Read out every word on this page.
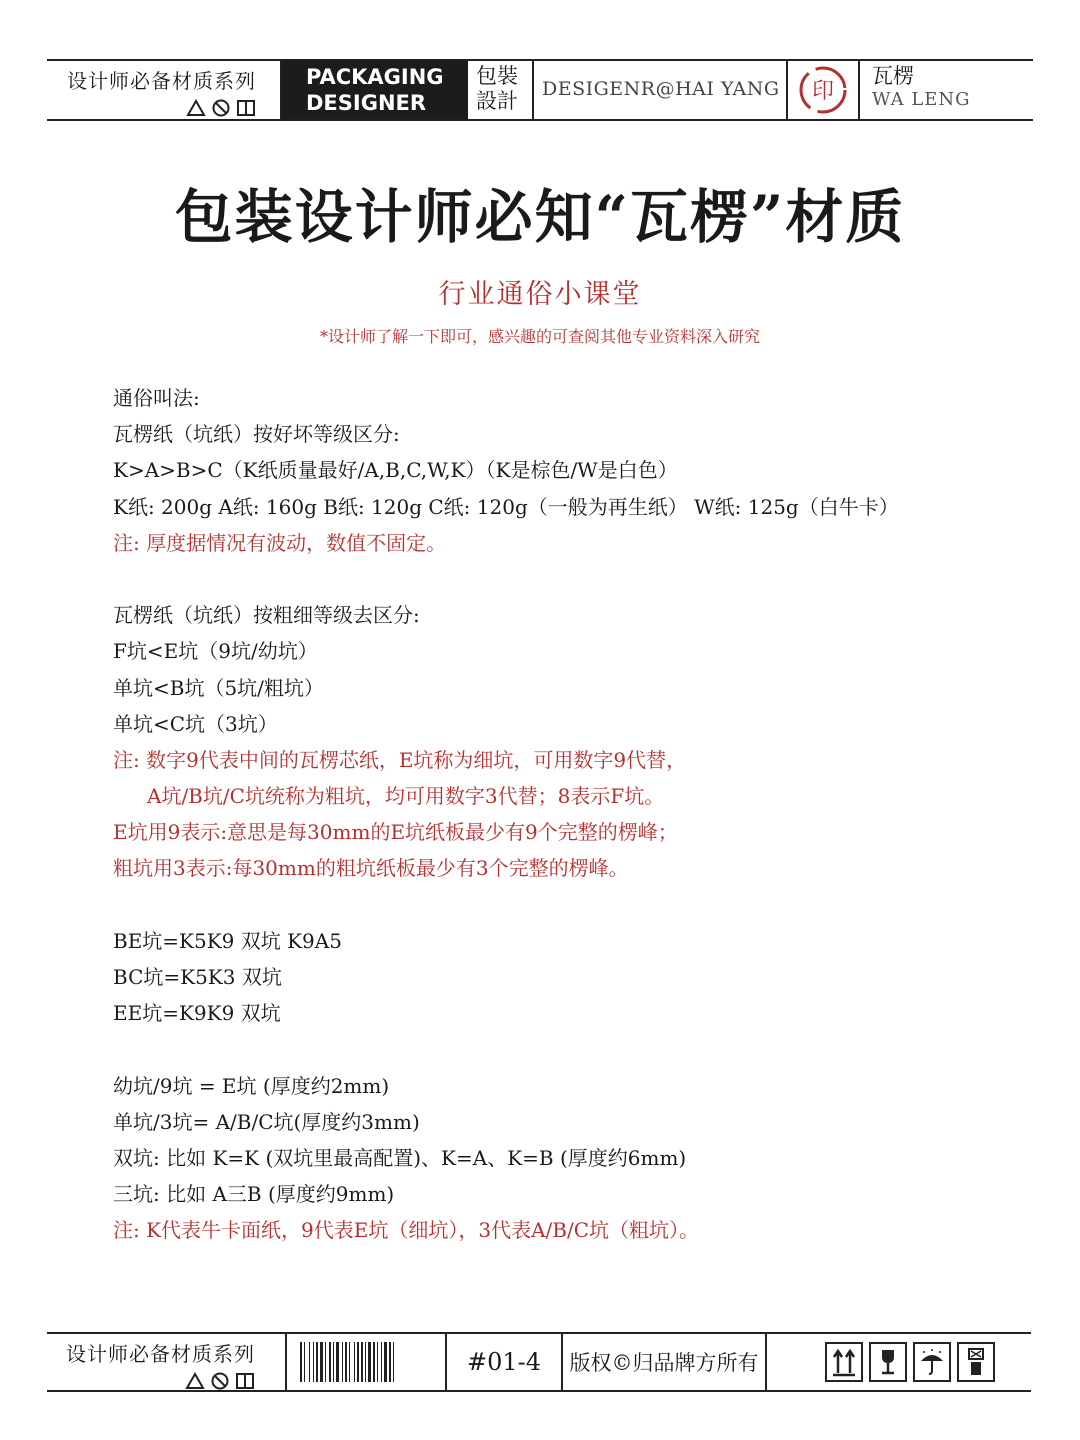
设计师必备材质系列 PACKAGING
DESIGNER
包裝
設計	DESIGENR@HAI YANG	印
瓦楞
WA LENG
包装设计师必知“瓦楞”材质
行业通俗小课堂
*设计师了解一下即可，感兴趣的可查阅其他专业资料深入研究
通俗叫法:
瓦楞纸（坑纸）按好坏等级区分:
K>A>B>C（K纸质量最好/A,B,C,W,K）（K是棕色/W是白色）
K纸: 200g A纸: 160g B纸: 120g C纸: 120g（一般为再生纸） W纸: 125g（白牛卡）
注: 厚度据情况有波动，数值不固定。
瓦楞纸（坑纸）按粗细等级去区分:
F坑<E坑（9坑/幼坑）
单坑<B坑（5坑/粗坑）
单坑<C坑（3坑）
注: 数字9代表中间的瓦楞芯纸，E坑称为细坑，可用数字9代替，
A坑/B坑/C坑统称为粗坑，均可用数字3代替；8表示F坑。
E坑用9表示:意思是每30mm的E坑纸板最少有9个完整的楞峰；
粗坑用3表示:每30mm的粗坑纸板最少有3个完整的楞峰。
BE坑=K5K9 双坑 K9A5
BC坑=K5K3 双坑
EE坑=K9K9 双坑
幼坑/9坑 = E坑 (厚度约2mm)
单坑/3坑= A/B/C坑(厚度约3mm)
双坑: 比如 K=K (双坑里最高配置)、K=A、K=B (厚度约6mm)
三坑: 比如 A三B (厚度约9mm)
注: K代表牛卡面纸，9代表E坑（细坑），3代表A/B/C坑（粗坑）。
设计师必备材质系列	#01-4	版权©归品牌方所有
